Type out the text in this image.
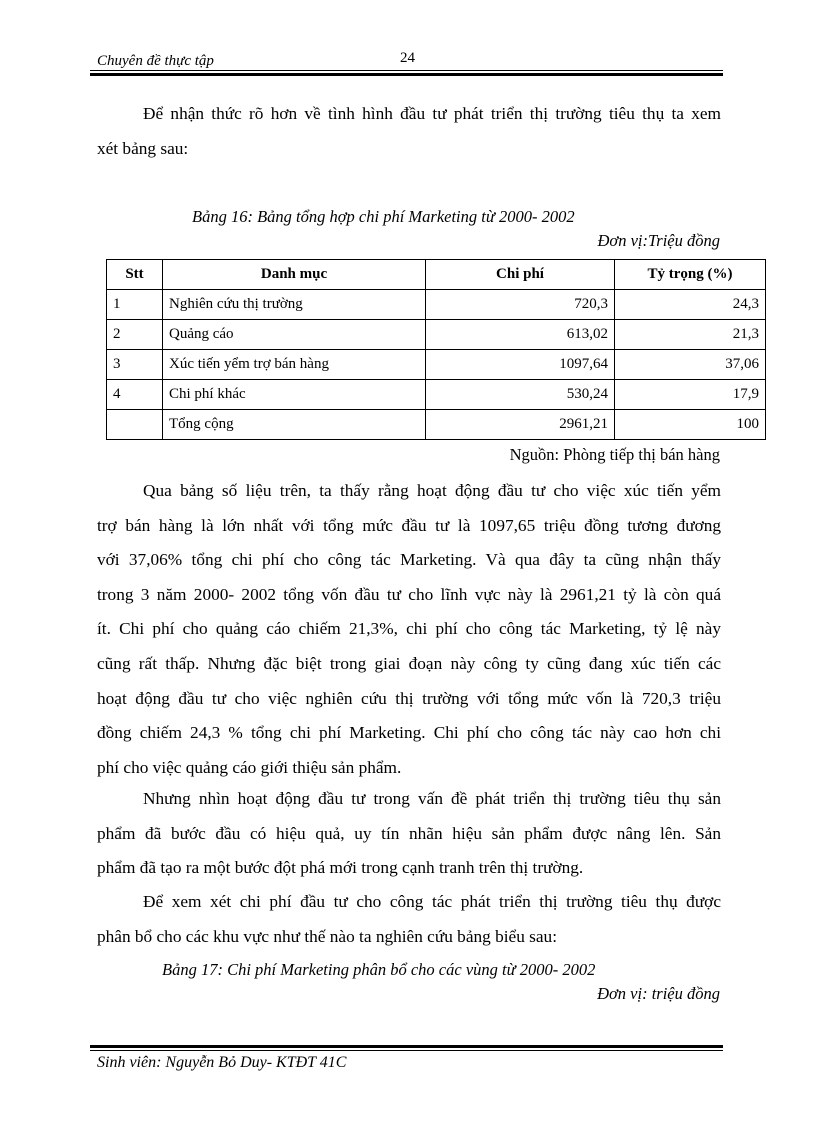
Chuyên đề thực tập	24

Để nhận thức rõ hơn về tình hình đầu tư phát triển thị trường tiêu thụ ta xem
xét bảng sau:

Bảng 16: Bảng tổng hợp chi phí Marketing từ 2000- 2002
Đơn vị:Triệu đồng
Stt	Danh mục	Chi phí	Tỷ trọng (%)
1	Nghiên cứu thị trường	720,3	24,3
2	Quảng cáo	613,02	21,3
3	Xúc tiến yểm trợ bán hàng	1097,64	37,06
4	Chi phí khác	530,24	17,9
	Tổng cộng	2961,21	100
Nguồn: Phòng tiếp thị bán hàng

Qua bảng số liệu trên, ta thấy rằng hoạt động đầu tư cho việc xúc tiến yểm
trợ bán hàng là lớn nhất với tổng mức đầu tư là 1097,65 triệu đồng tương đương
với 37,06% tổng chi phí cho công tác Marketing. Và qua đây ta cũng nhận thấy
trong 3 năm 2000- 2002 tổng vốn đầu tư cho lĩnh vực này là 2961,21 tỷ là còn quá
ít. Chi phí cho quảng cáo chiếm 21,3%, chi phí cho công tác Marketing, tỷ lệ này
cũng rất thấp. Nhưng đặc biệt trong giai đoạn này công ty cũng đang xúc tiến các
hoạt động đầu tư cho việc nghiên cứu thị trường với tổng mức vốn là 720,3 triệu
đồng chiếm 24,3 % tổng chi phí Marketing. Chi phí cho công tác này cao hơn chi
phí cho việc quảng cáo giới thiệu sản phẩm.

Nhưng nhìn hoạt động đầu tư trong vấn đề phát triển thị trường tiêu thụ sản
phẩm đã bước đầu có hiệu quả, uy tín nhãn hiệu sản phẩm được nâng lên. Sản
phẩm đã tạo ra một bước đột phá mới trong cạnh tranh trên thị trường.

Để xem xét chi phí đầu tư cho công tác phát triển thị trường tiêu thụ được
phân bổ cho các khu vực như thế nào ta nghiên cứu bảng biểu sau:

Bảng 17: Chi phí Marketing phân bổ cho các vùng từ 2000- 2002
Đơn vị: triệu đồng
Sinh viên: Nguyễn Bỏ Duy- KTĐT 41C
